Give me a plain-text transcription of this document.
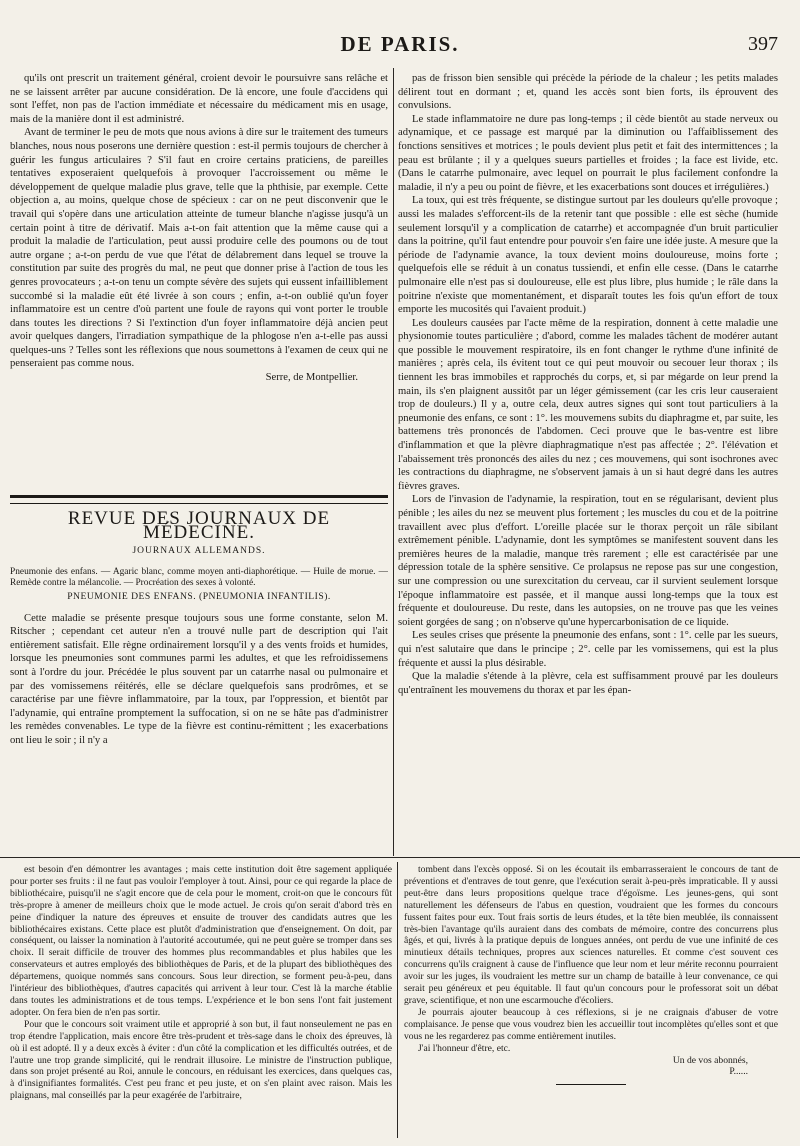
DE PARIS.	397

qu'ils ont prescrit un traitement général, croient devoir le poursuivre sans relâche et ne se laissent arrêter par aucune considération. De là encore, une foule d'accidens qui sont l'effet, non pas de l'action immédiate et nécessaire du médicament mis en usage, mais de la manière dont il est administré.

Avant de terminer le peu de mots que nous avions à dire sur le traitement des tumeurs blanches, nous nous poserons une dernière question : est-il permis toujours de chercher à guérir les fungus articulaires ? S'il faut en croire certains praticiens, de pareilles tentatives exposeraient quelquefois à provoquer l'accroissement ou même le développement de quelque maladie plus grave, telle que la phthisie, par exemple. Cette objection a, au moins, quelque chose de spécieux : car on ne peut disconvenir que le travail qui s'opère dans une articulation atteinte de tumeur blanche n'agisse jusqu'à un certain point à titre de dérivatif. Mais a-t-on fait attention que la même cause qui a produit la maladie de l'articulation, peut aussi produire celle des poumons ou de tout autre organe ; a-t-on perdu de vue que l'état de délabrement dans lequel se trouve la constitution par suite des progrès du mal, ne peut que donner prise à l'action de tous les genres provocateurs ; a-t-on tenu un compte sévère des sujets qui eussent infailliblement succombé si la maladie eût été livrée à son cours ; enfin, a-t-on oublié qu'un foyer inflammatoire est un centre d'où partent une foule de rayons qui vont porter le trouble dans toutes les directions ? Si l'extinction d'un foyer inflammatoire déjà ancien peut avoir quelques dangers, l'irradiation sympathique de la phlogose n'en a-t-elle pas aussi quelques-uns ? Telles sont les réflexions que nous soumettons à l'examen de ceux qui ne penseraient pas comme nous.

Serre, de Montpellier.

REVUE DES JOURNAUX DE MÉDECINE.
JOURNAUX ALLEMANDS.

Pneumonie des enfans. — Agaric blanc, comme moyen anti-diaphorétique. — Huile de morue. — Remède contre la mélancolie. — Procréation des sexes à volonté.

PNEUMONIE DES ENFANS. (PNEUMONIA INFANTILIS).

Cette maladie se présente presque toujours sous une forme constante, selon M. Ritscher ; cependant cet auteur n'en a trouvé nulle part de description qui l'ait entièrement satisfait. Elle règne ordinairement lorsqu'il y a des vents froids et humides, lorsque les pneumonies sont communes parmi les adultes, et que les refroidissemens sont à l'ordre du jour. Précédée le plus souvent par un catarrhe nasal ou pulmonaire et par des vomissemens réitérés, elle se déclare quelquefois sans prodrômes, et se caractérise par une fièvre inflammatoire, par la toux, par l'oppression, et bientôt par l'adynamie, qui entraîne promptement la suffocation, si on ne se hâte pas d'administrer les remèdes convenables. Le type de la fièvre est continu-rémittent ; les exacerbations ont lieu le soir ; il n'y a

pas de frisson bien sensible qui précède la période de la chaleur ; les petits malades délirent tout en dormant ; et, quand les accès sont bien forts, ils éprouvent des convulsions.

Le stade inflammatoire ne dure pas long-temps ; il cède bientôt au stade nerveux ou adynamique, et ce passage est marqué par la diminution ou l'affaiblissement des fonctions sensitives et motrices ; le pouls devient plus petit et fait des intermittences ; la peau est brûlante ; il y a quelques sueurs partielles et froides ; la face est livide, etc. (Dans le catarrhe pulmonaire, avec lequel on pourrait le plus facilement confondre la maladie, il n'y a peu ou point de fièvre, et les exacerbations sont douces et irrégulières.)

La toux, qui est très fréquente, se distingue surtout par les douleurs qu'elle provoque ; aussi les malades s'efforcent-ils de la retenir tant que possible : elle est sèche (humide seulement lorsqu'il y a complication de catarrhe) et accompagnée d'un bruit particulier dans la poitrine, qu'il faut entendre pour pouvoir s'en faire une idée juste. A mesure que la période de l'adynamie avance, la toux devient moins douloureuse, moins forte ; quelquefois elle se réduit à un conatus tussiendi, et enfin elle cesse. (Dans le catarrhe pulmonaire elle n'est pas si douloureuse, elle est plus libre, plus humide ; le râle dans la poitrine n'existe que momentanément, et disparaît toutes les fois qu'un effort de toux emporte les mucosités qui l'avaient produit.)

Les douleurs causées par l'acte même de la respiration, donnent à cette maladie une physionomie toutes particulière ; d'abord, comme les malades tâchent de modérer autant que possible le mouvement respiratoire, ils en font changer le rythme d'une infinité de manières ; après cela, ils évitent tout ce qui peut mouvoir ou secouer leur thorax ; ils tiennent les bras immobiles et rapprochés du corps, et, si par mégarde on leur prend la main, ils s'en plaignent aussitôt par un léger gémissement (car les cris leur causeraient trop de douleurs.) Il y a, outre cela, deux autres signes qui sont tout particuliers à la pneumonie des enfans, ce sont : 1°. les mouvemens subits du diaphragme et, par suite, les battemens très prononcés de l'abdomen. Ceci prouve que le bas-ventre est libre d'inflammation et que la plèvre diaphragmatique n'est pas affectée ; 2°. l'élévation et l'abaissement très prononcés des ailes du nez ; ces mouvemens, qui sont isochrones avec les contractions du diaphragme, ne s'observent jamais à un si haut degré dans les autres fièvres graves.

Lors de l'invasion de l'adynamie, la respiration, tout en se régularisant, devient plus pénible ; les ailes du nez se meuvent plus fortement ; les muscles du cou et de la poitrine travaillent avec plus d'effort. L'oreille placée sur le thorax perçoit un râle sibilant extrêmement pénible. L'adynamie, dont les symptômes se manifestent souvent dans les premières heures de la maladie, manque très rarement ; elle est caractérisée par une dépression totale de la sphère sensitive. Ce prolapsus ne repose pas sur une congestion, sur une compression ou une surexcitation du cerveau, car il survient seulement lorsque l'époque inflammatoire est passée, et il manque aussi long-temps que la toux est fréquente et douloureuse. Du reste, dans les autopsies, on ne trouve pas que les veines soient gorgées de sang ; on n'observe qu'une hypercarbonisation de ce liquide.

Les seules crises que présente la pneumonie des enfans, sont : 1°. celle par les sueurs, qui n'est salutaire que dans le principe ; 2°. celle par les vomissemens, qui est la plus fréquente et aussi la plus désirable.

Que la maladie s'étende à la plèvre, cela est suffisamment prouvé par les douleurs qu'entraînent les mouvemens du thorax et par les épan-

est besoin d'en démontrer les avantages ; mais cette institution doit être sagement appliquée pour porter ses fruits : il ne faut pas vouloir l'employer à tout. Ainsi, pour ce qui regarde la place de bibliothécaire, puisqu'il ne s'agit encore que de cela pour le moment, croit-on que le concours fût très-propre à amener de meilleurs choix que le mode actuel. Je crois qu'on serait d'abord très en peine d'indiquer la nature des épreuves et ensuite de trouver des candidats autres que les bibliothécaires existans. Cette place est plutôt d'administration que d'enseignement. On doit, par conséquent, ou laisser la nomination à l'autorité accoutumée, qui ne peut guère se tromper dans ses choix. Il serait difficile de trouver des hommes plus recommandables et plus habiles que les conservateurs et autres employés des bibliothèques de Paris, et de la plupart des bibliothèques des départemens, quoique nommés sans concours. Sous leur direction, se forment peu-à-peu, dans l'intérieur des bibliothèques, d'autres capacités qui arrivent à leur tour. C'est là la marche établie dans toutes les administrations et de tous temps. L'expérience et le bon sens l'ont fait justement adopter. On fera bien de n'en pas sortir.

Pour que le concours soit vraiment utile et approprié à son but, il faut nonseulement ne pas en trop étendre l'application, mais encore être très-prudent et très-sage dans le choix des épreuves, là où il est adopté. Il y a deux excès à éviter : d'un côté la complication et les difficultés outrées, et de l'autre une trop grande simplicité, qui le rendrait illusoire. Le ministre de l'instruction publique, dans son projet présenté au Roi, annule le concours, en réduisant les exercices, dans quelques cas, à d'insignifiantes formalités. C'est peu franc et peu juste, et on s'en plaint avec raison. Mais les plaignans, mal conseillés par la peur exagérée de l'arbitraire,

tombent dans l'excès opposé. Si on les écoutait ils embarrasseraient le concours de tant de préventions et d'entraves de tout genre, que l'exécution serait à-peu-près impraticable. Il y aussi peut-être dans leurs propositions quelque trace d'égoïsme. Les jeunes-gens, qui sont naturellement les défenseurs de l'abus en question, voudraient que les formes du concours fussent faites pour eux. Tout frais sortis de leurs études, et la tête bien meublée, ils connaissent très-bien l'avantage qu'ils auraient dans des combats de mémoire, contre des concurrens plus âgés, et qui, livrés à la pratique depuis de longues années, ont perdu de vue une infinité de ces minutieux détails techniques, propres aux sciences naturelles. Et comme c'est souvent ces concurrens qu'ils craignent à cause de l'influence que leur nom et leur mérite reconnu pourraient avoir sur les juges, ils voudraient les mettre sur un champ de bataille à leur convenance, ce qui serait peu généreux et peu équitable. Il faut qu'un concours pour le professorat soit un débat grave, scientifique, et non une escarmouche d'écoliers.

Je pourrais ajouter beaucoup à ces réflexions, si je ne craignais d'abuser de votre complaisance. Je pense que vous voudrez bien les accueillir tout incomplètes qu'elles sont et que vous ne les regarderez pas comme entièrement inutiles.

J'ai l'honneur d'être, etc.

Un de vos abonnés,

P......
